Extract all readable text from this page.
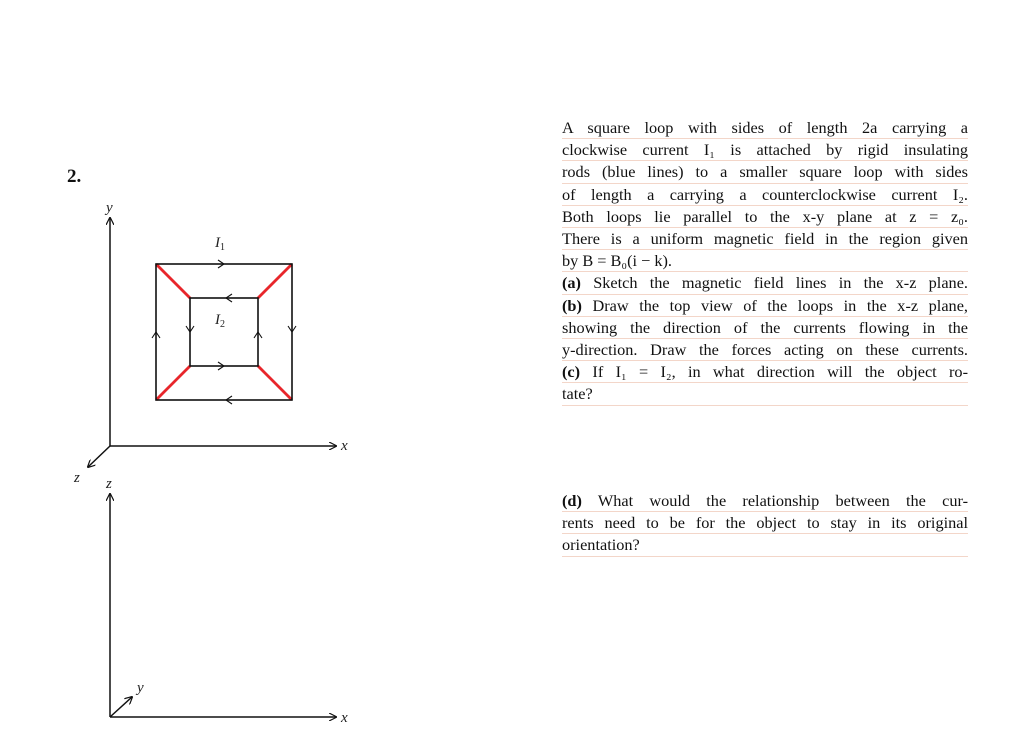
2.
y
x
z
$I_1$
$I_2$
z
x
y
A square loop with sides of length 2a carrying a
clockwise current I₁ is attached by rigid insulating
rods (blue lines) to a smaller square loop with sides
of length a carrying a counterclockwise current I₂.
Both loops lie parallel to the x-y plane at z = z₀.
There is a uniform magnetic field in the region given
by B = B₀(i − k).
(a) Sketch the magnetic field lines in the x-z plane.
(b) Draw the top view of the loops in the x-z plane,
showing the direction of the currents flowing in the
y-direction. Draw the forces acting on these currents.
(c) If I₁ = I₂, in what direction will the object ro-
tate?
(d) What would the relationship between the cur-
rents need to be for the object to stay in its original
orientation?
